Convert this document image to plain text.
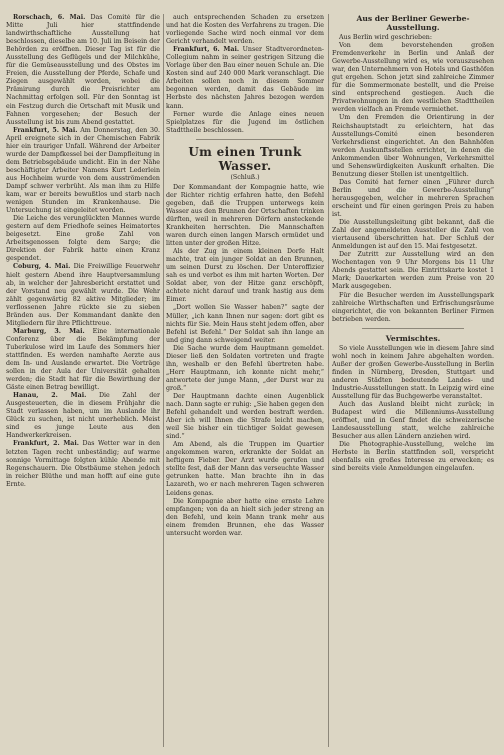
Rorschach, 6. Mai. Das Comité für die Mitte Juli hier stattfindende landwirthschaftliche Ausstellung hat beschlossen, dieselbe am 10. Juli im Beisein der Behörden zu eröffnen. Dieser Tag ist für die Ausstellung des Geflügels und der Milchkühe, für die Gemüseausstellung und des Obstes im Freien, die Ausstellung der Pferde, Schafe und Ziegen ausgewählt worden, wobei die Prämirung durch die Preisrichter am Nachmittag erfolgen soll. Für den Sonntag ist ein Festzug durch die Ortschaft mit Musik und Fahnen vorgesehen; der Besuch der Ausstellung ist bis zum Abend gestattet.

Frankfurt, 5. Mai. Am Donnerstag, den 30. April ereignete sich in der Chemischen Fabrik hier ein trauriger Unfall. Während der Arbeiter wurde der Dampfkessel bei der Dampfleitung in dem Betriebsgebäude undicht. Ein in der Nähe beschäftigter Arbeiter Namens Kurt Lederlein aus Hochheim wurde von dem ausströmenden Dampf schwer verbrüht. Als man ihm zu Hilfe kam, war er bereits bewußtlos und starb nach wenigen Stunden im Krankenhause. Die Untersuchung ist eingeleitet worden.

Die Leiche des verunglückten Mannes wurde gestern auf dem Friedhofe seines Heimatortes beigesetzt. Eine große Zahl von Arbeitsgenossen folgte dem Sarge; die Direktion der Fabrik hatte einen Kranz gespendet.

Coburg, 4. Mai. Die Freiwillige Feuerwehr hielt gestern Abend ihre Hauptversammlung ab, in welcher der Jahresbericht erstattet und der Vorstand neu gewählt wurde. Die Wehr zählt gegenwärtig 82 aktive Mitglieder; im verflossenen Jahre rückte sie zu sieben Bränden aus. Der Kommandant dankte den Mitgliedern für ihre Pflichttreue.

Marburg, 3. Mai. Eine internationale Conferenz über die Bekämpfung der Tuberkulose wird im Laufe des Sommers hier stattfinden. Es werden namhafte Aerzte aus dem In- und Auslande erwartet. Die Vorträge sollen in der Aula der Universität gehalten werden; die Stadt hat für die Bewirthung der Gäste einen Betrag bewilligt.

Hanau, 2. Mai. Die Zahl der Ausgesteuerten, die in diesem Frühjahr die Stadt verlassen haben, um im Auslande ihr Glück zu suchen, ist nicht unerheblich. Meist sind es junge Leute aus den Handwerkerkreisen.

Frankfurt, 2. Mai. Das Wetter war in den letzten Tagen recht unbeständig; auf warme sonnige Vormittage folgten kühle Abende mit Regenschauern. Die Obstbäume stehen jedoch in reicher Blüthe und man hofft auf eine gute Ernte.

auch entsprechenden Schaden zu ersetzen und hat die Kosten des Verfahrens zu tragen. Die vorliegende Sache wird noch einmal vor dem Gericht verhandelt werden.

Frankfurt, 6. Mai. Unser Stadtverordneten-Collegium nahm in seiner gestrigen Sitzung die Vorlage über den Bau einer neuen Schule an. Die Kosten sind auf 240 000 Mark veranschlagt. Die Arbeiten sollen noch in diesem Sommer begonnen werden, damit das Gebäude im Herbste des nächsten Jahres bezogen werden kann.

Ferner wurde die Anlage eines neuen Spielplatzes für die Jugend im östlichen Stadttheile beschlossen.

Um einen Trunk Wasser.
(Schluß.)

Der Kommandant der Kompagnie hatte, wie der Richter richtig erfahren hatte, den Befehl gegeben, daß die Truppen unterwegs kein Wasser aus den Brunnen der Ortschaften trinken dürften, weil in mehreren Dörfern ansteckende Krankheiten herrschten. Die Mannschaften waren durch einen langen Marsch ermüdet und litten unter der großen Hitze.

Als der Zug in einem kleinen Dorfe Halt machte, trat ein junger Soldat an den Brunnen, um seinen Durst zu löschen. Der Unteroffizier sah es und verbot es ihm mit harten Worten. Der Soldat aber, von der Hitze ganz erschöpft, achtete nicht darauf und trank hastig aus dem Eimer.

„Dort wollen Sie Wasser haben?“ sagte der Müller, „ich kann Ihnen nur sagen: dort gibt es nichts für Sie. Mein Haus steht jedem offen, aber Befehl ist Befehl.“ Der Soldat sah ihn lange an und ging dann schweigend weiter.

Die Sache wurde dem Hauptmann gemeldet. Dieser ließ den Soldaten vortreten und fragte ihn, weshalb er den Befehl übertreten habe. „Herr Hauptmann, ich konnte nicht mehr,“ antwortete der junge Mann, „der Durst war zu groß.“

Der Hauptmann dachte einen Augenblick nach. Dann sagte er ruhig: „Sie haben gegen den Befehl gehandelt und werden bestraft werden. Aber ich will Ihnen die Strafe leicht machen, weil Sie bisher ein tüchtiger Soldat gewesen sind.“

Am Abend, als die Truppen im Quartier angekommen waren, erkrankte der Soldat an heftigem Fieber. Der Arzt wurde gerufen und stellte fest, daß der Mann das verseuchte Wasser getrunken hatte. Man brachte ihn in das Lazareth, wo er nach mehreren Tagen schweren Leidens genas.

Die Kompagnie aber hatte eine ernste Lehre empfangen; von da an hielt sich jeder streng an den Befehl, und kein Mann trank mehr aus einem fremden Brunnen, ehe das Wasser untersucht worden war.

Aus der Berliner Gewerbe-Ausstellung.

Aus Berlin wird geschrieben:

Von dem bevorstehenden großen Fremdenverkehr in Berlin und Anlaß der Gewerbe-Ausstellung wird es, wie vorauszusehen war, den Unternehmern von Hotels und Gasthöfen gut ergehen. Schon jetzt sind zahlreiche Zimmer für die Sommermonate bestellt, und die Preise sind entsprechend gestiegen. Auch die Privatwohnungen in den westlichen Stadttheilen werden vielfach an Fremde vermiethet.

Um den Fremden die Orientirung in der Reichshauptstadt zu erleichtern, hat das Ausstellungs-Comité einen besonderen Verkehrsdienst eingerichtet. An den Bahnhöfen werden Auskunftsstellen errichtet, in denen die Ankommenden über Wohnungen, Verkehrsmittel und Sehenswürdigkeiten Auskunft erhalten. Die Benutzung dieser Stellen ist unentgeltlich.

Das Comité hat ferner einen „Führer durch Berlin und die Gewerbe-Ausstellung“ herausgegeben, welcher in mehreren Sprachen erscheint und für einen geringen Preis zu haben ist.

Die Ausstellungsleitung gibt bekannt, daß die Zahl der angemeldeten Aussteller die Zahl von viertausend überschritten hat. Der Schluß der Anmeldungen ist auf den 15. Mai festgesetzt.

Der Zutritt zur Ausstellung wird an den Wochentagen von 9 Uhr Morgens bis 11 Uhr Abends gestattet sein. Die Eintrittskarte kostet 1 Mark; Dauerkarten werden zum Preise von 20 Mark ausgegeben.

Für die Besucher werden im Ausstellungspark zahlreiche Wirthschaften und Erfrischungsräume eingerichtet, die von bekannten Berliner Firmen betrieben werden.

Vermischtes.

So viele Ausstellungen wie in diesem Jahre sind wohl noch in keinem Jahre abgehalten worden. Außer der großen Gewerbe-Ausstellung in Berlin finden in Nürnberg, Dresden, Stuttgart und anderen Städten bedeutende Landes- und Industrie-Ausstellungen statt. In Leipzig wird eine Ausstellung für das Buchgewerbe veranstaltet.

Auch das Ausland bleibt nicht zurück; in Budapest wird die Millenniums-Ausstellung eröffnet, und in Genf findet die schweizerische Landesausstellung statt, welche zahlreiche Besucher aus allen Ländern anziehen wird.

Die Photographie-Ausstellung, welche im Herbste in Berlin stattfinden soll, verspricht ebenfalls ein großes Interesse zu erwecken; es sind bereits viele Anmeldungen eingelaufen.
